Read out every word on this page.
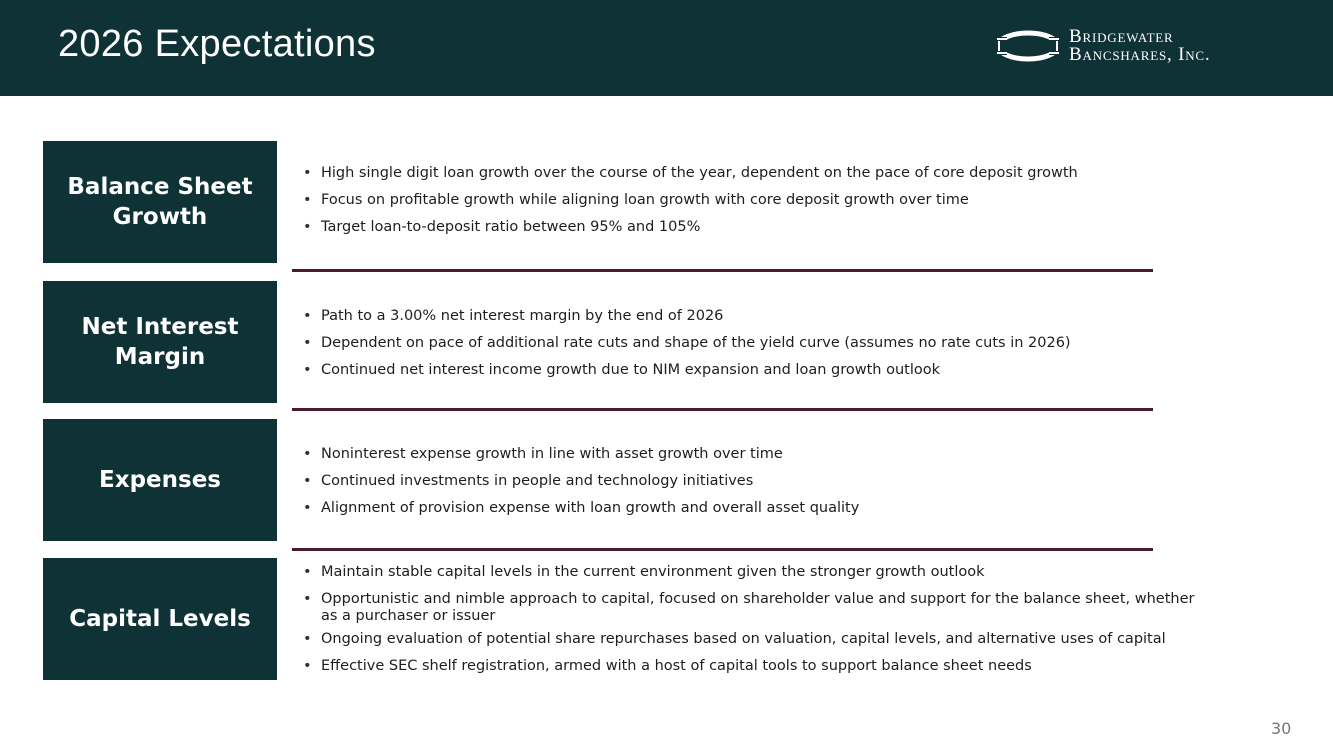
2026 Expectations	Bridgewater
Bancshares, Inc.
Balance Sheet Growth
• High single digit loan growth over the course of the year, dependent on the pace of core deposit growth
• Focus on profitable growth while aligning loan growth with core deposit growth over time
• Target loan-to-deposit ratio between 95% and 105%
Net Interest Margin
• Path to a 3.00% net interest margin by the end of 2026
• Dependent on pace of additional rate cuts and shape of the yield curve (assumes no rate cuts in 2026)
• Continued net interest income growth due to NIM expansion and loan growth outlook
Expenses
• Noninterest expense growth in line with asset growth over time
• Continued investments in people and technology initiatives
• Alignment of provision expense with loan growth and overall asset quality
Capital Levels
• Maintain stable capital levels in the current environment given the stronger growth outlook
• Opportunistic and nimble approach to capital, focused on shareholder value and support for the balance sheet, whether as a purchaser or issuer
• Ongoing evaluation of potential share repurchases based on valuation, capital levels, and alternative uses of capital
• Effective SEC shelf registration, armed with a host of capital tools to support balance sheet needs
30
